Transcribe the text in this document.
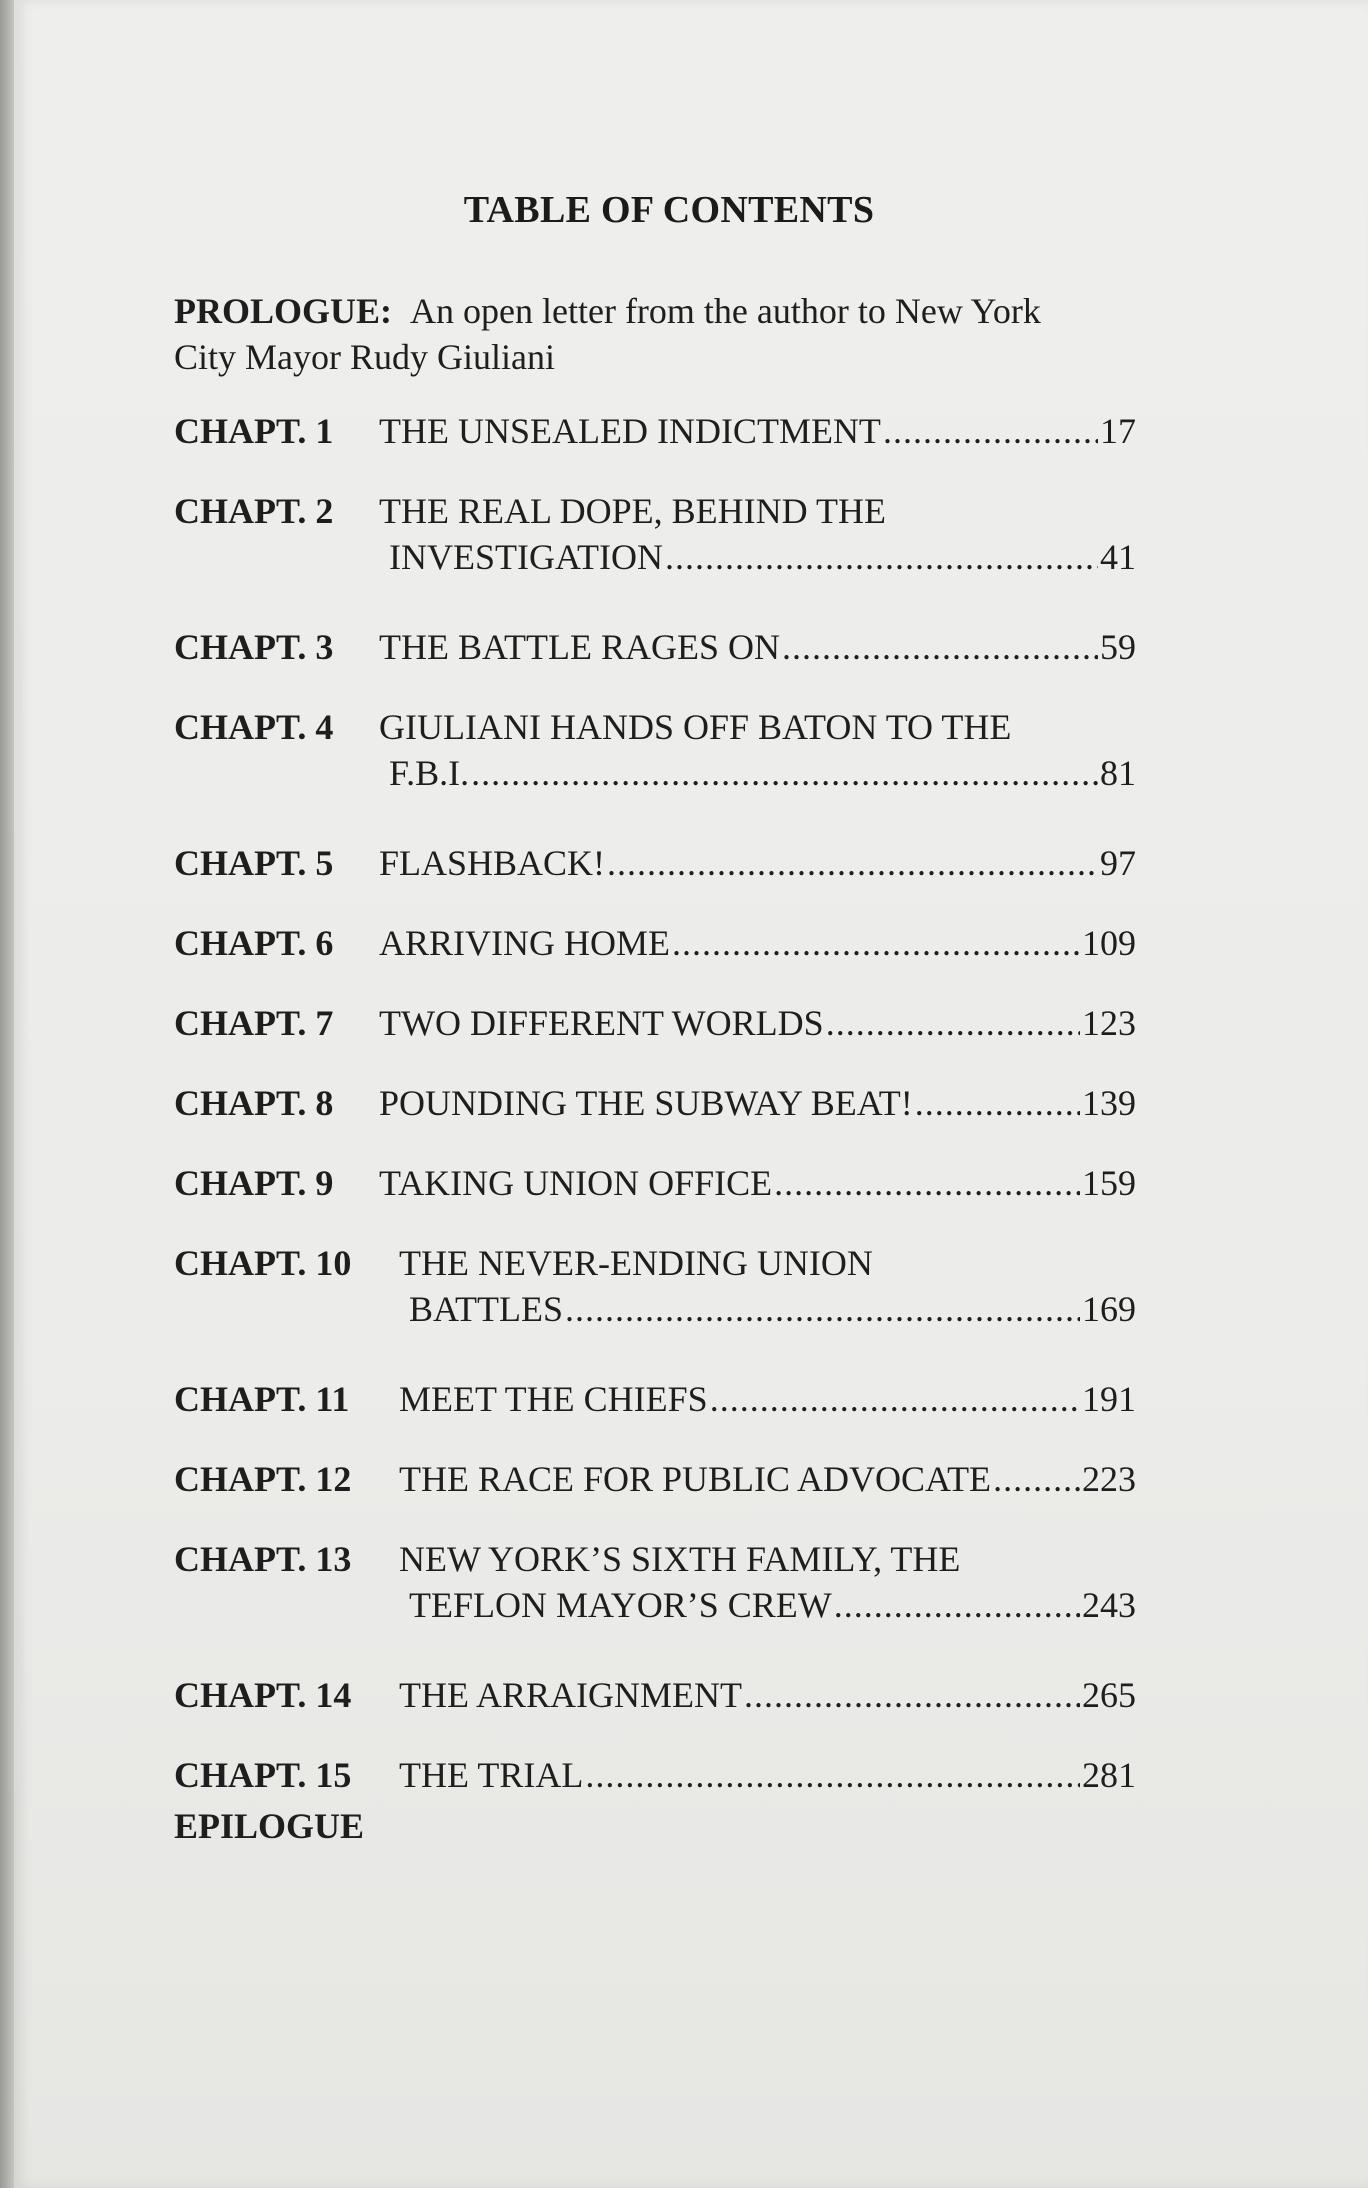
TABLE OF CONTENTS
PROLOGUE: An open letter from the author to New York
City Mayor Rudy Giuliani
CHAPT. 1 THE UNSEALED INDICTMENT .....	17
CHAPT. 2 THE REAL DOPE, BEHIND THE
INVESTIGATION .....	41
CHAPT. 3 THE BATTLE RAGES ON .....	59
CHAPT. 4 GIULIANI HANDS OFF BATON TO THE
F.B.I. .....	81
CHAPT. 5 FLASHBACK! .....	97
CHAPT. 6 ARRIVING HOME .....	109
CHAPT. 7 TWO DIFFERENT WORLDS .....	123
CHAPT. 8 POUNDING THE SUBWAY BEAT! .....	139
CHAPT. 9 TAKING UNION OFFICE .....	159
CHAPT. 10 THE NEVER-ENDING UNION
BATTLES .....	169
CHAPT. 11 MEET THE CHIEFS .....	191
CHAPT. 12 THE RACE FOR PUBLIC ADVOCATE .....	223
CHAPT. 13 NEW YORK’S SIXTH FAMILY, THE
TEFLON MAYOR’S CREW .....	243
CHAPT. 14 THE ARRAIGNMENT .....	265
CHAPT. 15 THE TRIAL .....	281
EPILOGUE
